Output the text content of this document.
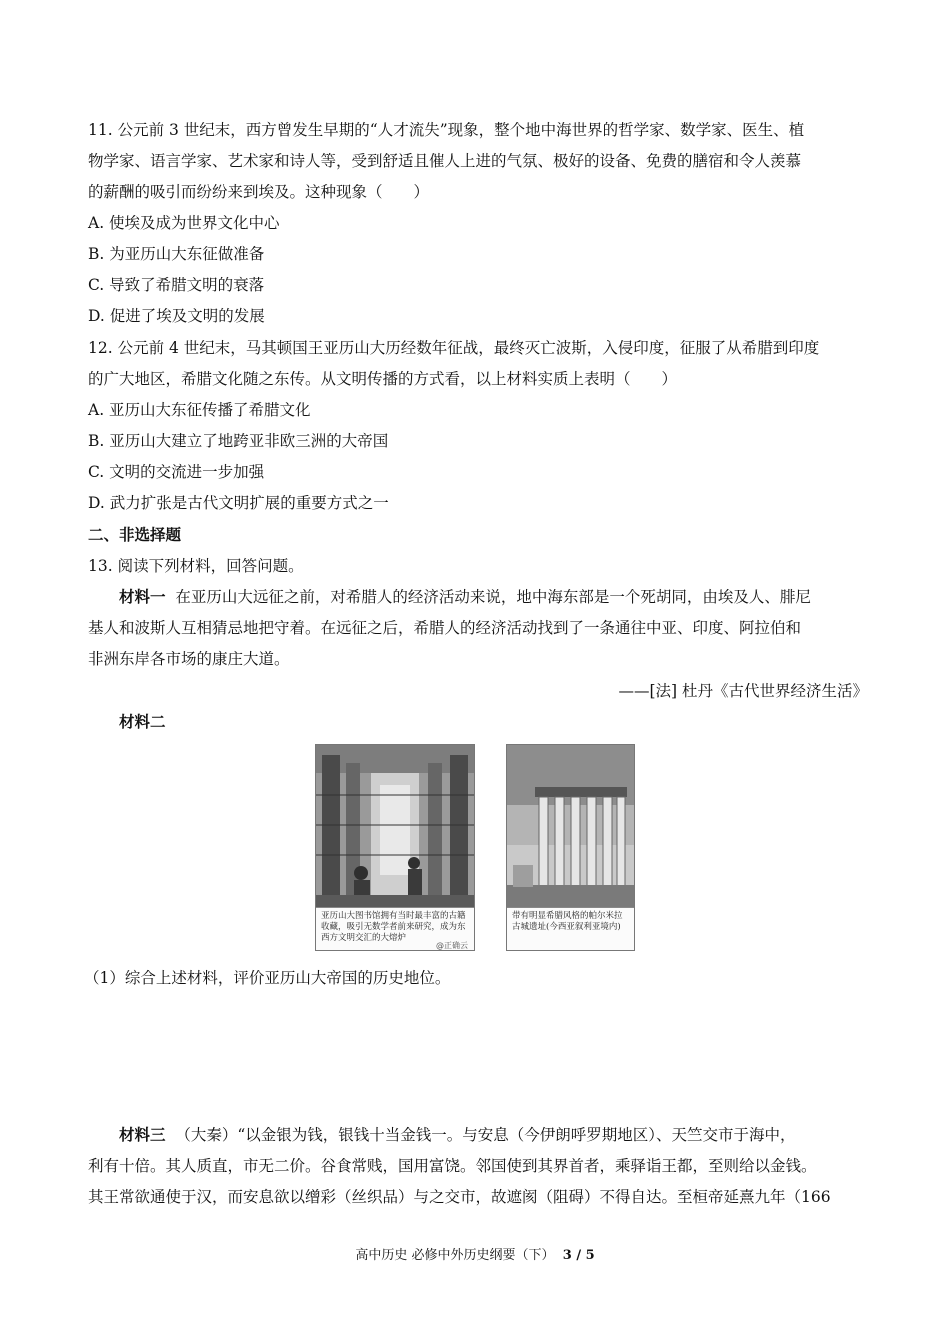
11. 公元前 3 世纪末，西方曾发生早期的“人才流失”现象，整个地中海世界的哲学家、数学家、医生、植
物学家、语言学家、艺术家和诗人等，受到舒适且催人上进的气氛、极好的设备、免费的膳宿和令人羡慕
的薪酬的吸引而纷纷来到埃及。这种现象（　　）
A. 使埃及成为世界文化中心
B. 为亚历山大东征做准备
C. 导致了希腊文明的衰落
D. 促进了埃及文明的发展
12. 公元前 4 世纪末，马其顿国王亚历山大历经数年征战，最终灭亡波斯，入侵印度，征服了从希腊到印度
的广大地区，希腊文化随之东传。从文明传播的方式看，以上材料实质上表明（　　）
A. 亚历山大东征传播了希腊文化
B. 亚历山大建立了地跨亚非欧三洲的大帝国
C. 文明的交流进一步加强
D. 武力扩张是古代文明扩展的重要方式之一
二、非选择题
13. 阅读下列材料，回答问题。
材料一 在亚历山大远征之前，对希腊人的经济活动来说，地中海东部是一个死胡同，由埃及人、腓尼
基人和波斯人互相猜忌地把守着。在远征之后，希腊人的经济活动找到了一条通往中亚、印度、阿拉伯和
非洲东岸各市场的康庄大道。
——[法] 杜丹《古代世界经济生活》
材料二
亚历山大图书馆拥有当时最丰富的古籍收藏，吸引无数学者前来研究，成为东西方文明交汇的大熔炉
@正确云
带有明显希腊风格的帕尔米拉古城遗址(今西亚叙利亚境内)
（1）综合上述材料，评价亚历山大帝国的历史地位。
材料三 （大秦）“以金银为钱，银钱十当金钱一。与安息（今伊朗呼罗期地区）、天竺交市于海中，
利有十倍。其人质直，市无二价。谷食常贱，国用富饶。邻国使到其界首者，乘驿诣王都，至则给以金钱。
其王常欲通使于汉，而安息欲以缯彩（丝织品）与之交市，故遮阂（阻碍）不得自达。至桓帝延熹九年（166
高中历史 必修中外历史纲要（下） 3 / 5
